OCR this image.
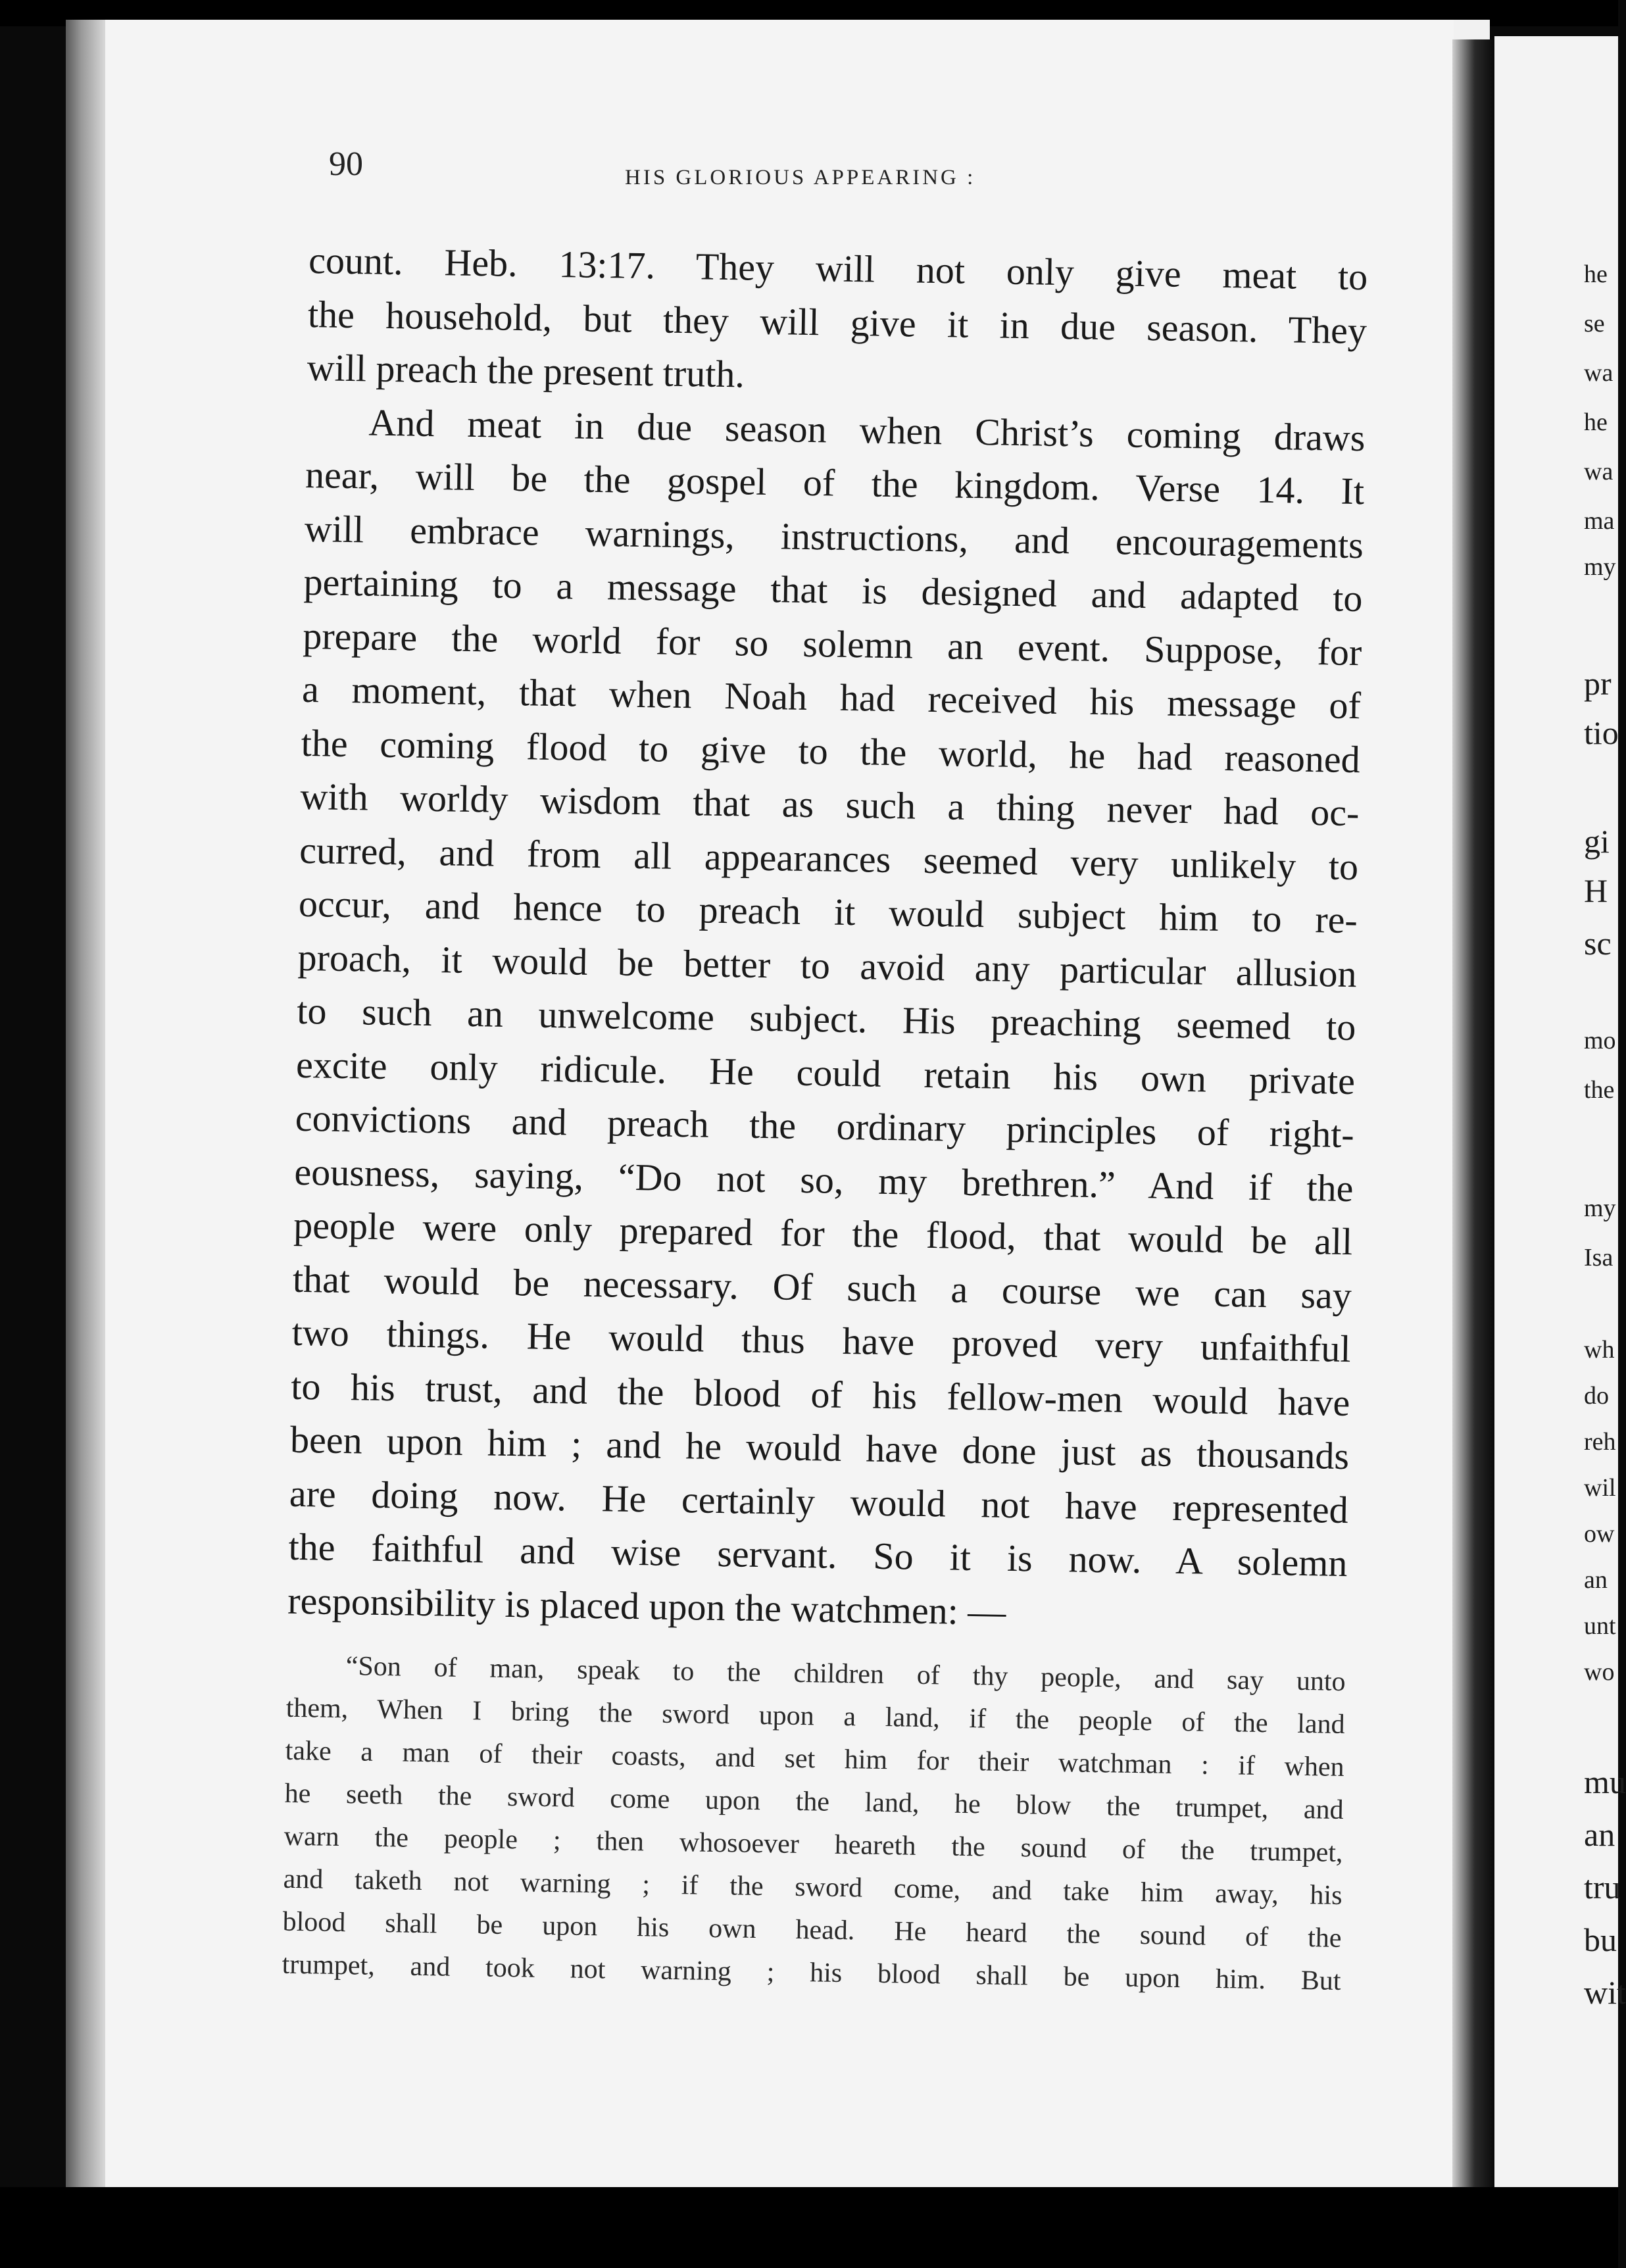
90	HIS GLORIOUS APPEARING :
count. Heb. 13:17. They will not only give meat to
the household, but they will give it in due season. They
will preach the present truth.
And meat in due season when Christ’s coming draws
near, will be the gospel of the kingdom. Verse 14. It
will embrace warnings, instructions, and encouragements
pertaining to a message that is designed and adapted to
prepare the world for so solemn an event. Suppose, for
a moment, that when Noah had received his message of
the coming flood to give to the world, he had reasoned
with worldy wisdom that as such a thing never had oc-
curred, and from all appearances seemed very unlikely to
occur, and hence to preach it would subject him to re-
proach, it would be better to avoid any particular allusion
to such an unwelcome subject. His preaching seemed to
excite only ridicule. He could retain his own private
convictions and preach the ordinary principles of right-
eousness, saying, “Do not so, my brethren.” And if the
people were only prepared for the flood, that would be all
that would be necessary. Of such a course we can say
two things. He would thus have proved very unfaithful
to his trust, and the blood of his fellow-men would have
been upon him ; and he would have done just as thousands
are doing now. He certainly would not have represented
the faithful and wise servant. So it is now. A solemn
responsibility is placed upon the watchmen: —
“Son of man, speak to the children of thy people, and say unto
them, When I bring the sword upon a land, if the people of the land
take a man of their coasts, and set him for their watchman : if when
he seeth the sword come upon the land, he blow the trumpet, and
warn the people ; then whosoever heareth the sound of the trumpet,
and taketh not warning ; if the sword come, and take him away, his
blood shall be upon his own head. He heard the sound of the
trumpet, and took not warning ; his blood shall be upon him. But
he
se
wa
he
wa
ma
my
pr
tio
gi
H
sc
mo
the
my
Isa
wh
do
reh
wil
ow
an
unt
wo
mu
an
tru
bu
wit
